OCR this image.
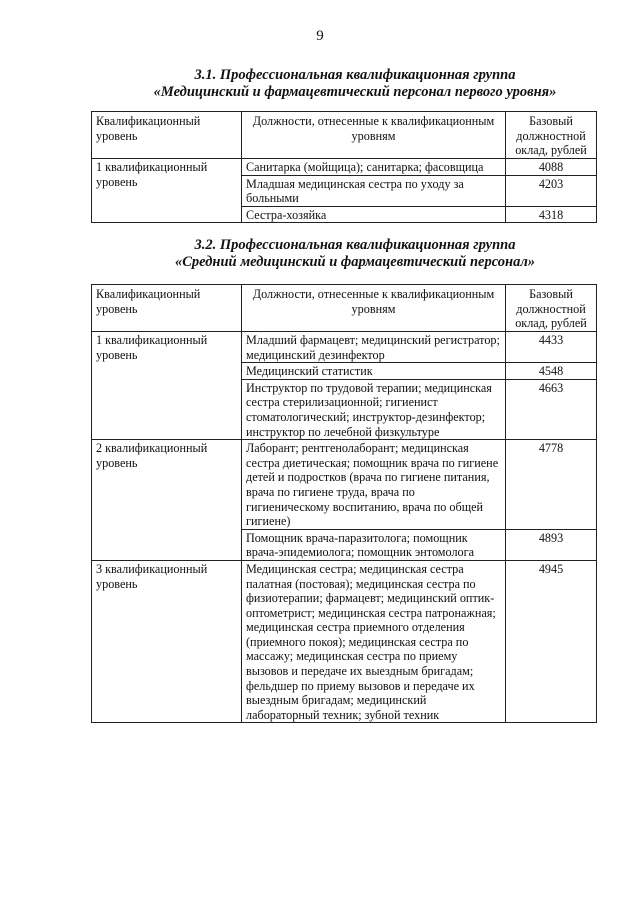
9
3.1. Профессиональная квалификационная группа
«Медицинский и фармацевтический персонал первого уровня»
Квалификационный уровень	Должности, отнесенные к квалификационным уровням	Базовый должностной оклад, рублей
1 квалификационный уровень	Санитарка (мойщица); санитарка; фасовщица	4088
	Младшая медицинская сестра по уходу за больными	4203
	Сестра-хозяйка	4318
3.2. Профессиональная квалификационная группа
«Средний медицинский и фармацевтический персонал»
Квалификационный уровень	Должности, отнесенные к квалификационным уровням	Базовый должностной оклад, рублей
1 квалификационный уровень	Младший фармацевт; медицинский регистратор; медицинский дезинфектор	4433
	Медицинский статистик	4548
	Инструктор по трудовой терапии; медицинская сестра стерилизационной; гигиенист стоматологический; инструктор-дезинфектор; инструктор по лечебной физкультуре	4663
2 квалификационный уровень	Лаборант; рентгенолаборант; медицинская сестра диетическая; помощник врача по гигиене детей и подростков (врача по гигиене питания, врача по гигиене труда, врача по гигиеническому воспитанию, врача по общей гигиене)	4778
	Помощник врача-паразитолога; помощник врача-эпидемиолога; помощник энтомолога	4893
3 квалификационный уровень	Медицинская сестра; медицинская сестра палатная (постовая); медицинская сестра по физиотерапии; фармацевт; медицинский оптик-оптометрист; медицинская сестра патронажная; медицинская сестра приемного отделения (приемного покоя); медицинская сестра по массажу; медицинская сестра по приему вызовов и передаче их выездным бригадам; фельдшер по приему вызовов и передаче их выездным бригадам; медицинский лабораторный техник; зубной техник	4945
